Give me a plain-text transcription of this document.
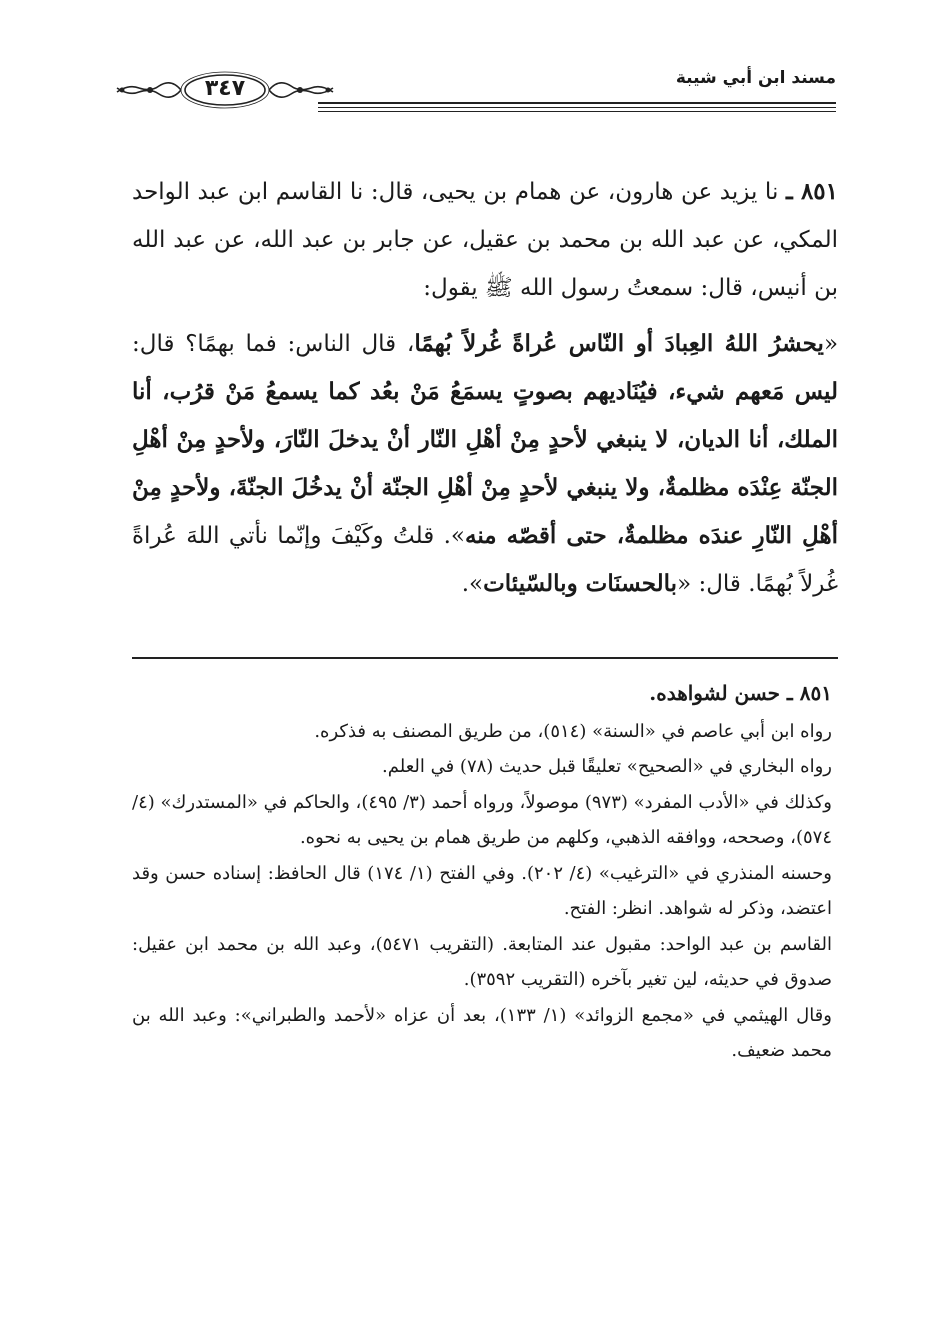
مسند ابن أبي شيبة
٣٤٧

٨٥١ ـ نا يزيد عن هارون، عن همام بن يحيى، قال: نا القاسم ابن عبد الواحد المكي، عن عبد الله بن محمد بن عقيل، عن جابر بن عبد الله، عن عبد الله بن أنيس، قال: سمعتُ رسول الله ﷺ يقول:

«يحشرُ اللهُ العِبادَ أو النّاس عُراةً غُرلاً بُهمًا، قال الناس: فما بهمًا؟ قال: ليس مَعهم شيء، فيُنَاديهم بصوتٍ يسمَعُ مَنْ بعُد كما يسمعُ مَنْ قرُب، أنا الملك، أنا الديان، لا ينبغي لأحدٍ مِنْ أهْلِ النّار أنْ يدخلَ النّارَ، ولأحدٍ مِنْ أهْلِ الجنّة عِنْدَه مظلمةٌ، ولا ينبغي لأحدٍ مِنْ أهْلِ الجنّة أنْ يدخُلَ الجنّةَ، ولأحدٍ مِنْ أهْلِ النّارِ عندَه مظلمةٌ، حتى أقصّه منه». قلتُ وكَيْفَ وإنّما نأتي اللهَ عُراةً غُرلاً بُهمًا. قال: «بالحسنَات وبالسّيئات».

٨٥١ ـ حسن لشواهده.

رواه ابن أبي عاصم في «السنة» (٥١٤)، من طريق المصنف به فذكره.

رواه البخاري في «الصحيح» تعليقًا قبل حديث (٧٨) في العلم.

وكذلك في «الأدب المفرد» (٩٧٣) موصولاً، ورواه أحمد (٣/ ٤٩٥)، والحاكم في «المستدرك» (٤/ ٥٧٤)، وصححه، ووافقه الذهبي، وكلهم من طريق همام بن يحيى به نحوه.

وحسنه المنذري في «الترغيب» (٤/ ٢٠٢). وفي الفتح (١/ ١٧٤) قال الحافظ: إسناده حسن وقد اعتضد، وذكر له شواهد. انظر: الفتح.

القاسم بن عبد الواحد: مقبول عند المتابعة. (التقريب ٥٤٧١)، وعبد الله بن محمد ابن عقيل: صدوق في حديثه، لين تغير بآخره (التقريب ٣٥٩٢).

وقال الهيثمي في «مجمع الزوائد» (١/ ١٣٣)، بعد أن عزاه «لأحمد والطبراني»: وعبد الله بن محمد ضعيف.
